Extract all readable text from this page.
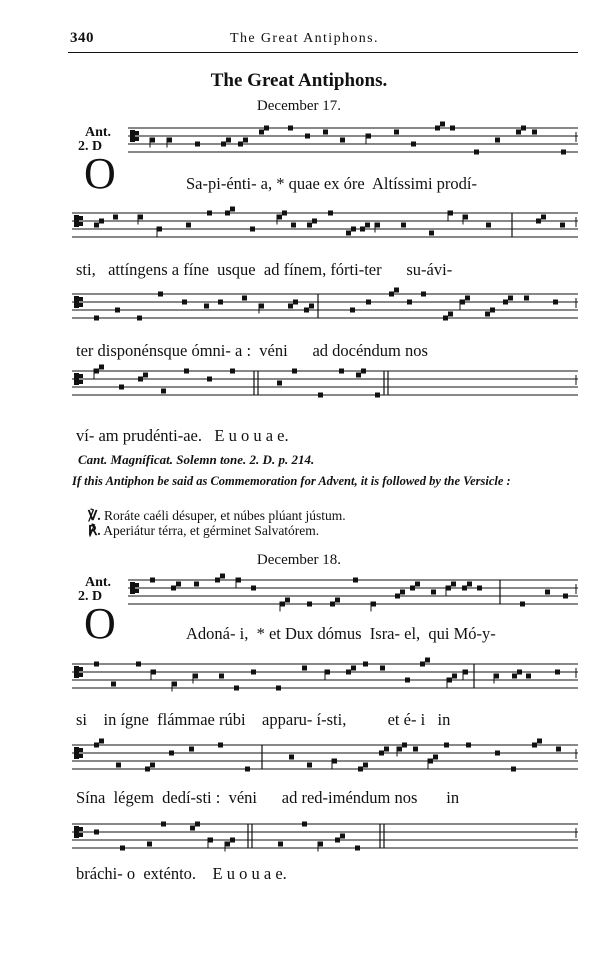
340	The Great Antiphons.
The Great Antiphons.
December 17.
Ant.
2. D
O	Sa-pi-énti- a, * quae ex óre  Altíssimi prodí-
sti,   attíngens a fíne  usque  ad fínem, fórti-ter      su-ávi-
ter disponénsque ómni- a :  véni      ad docéndum nos
ví- am prudénti-ae.   E u o u a e.
Cant. Magníficat. Solemn tone. 2. D. p. 214.
If this Antiphon be said as Commemoration for Advent, it is followed by the Versicle :
℣. Roráte caéli désuper, et núbes plúant jústum.
℟. Aperiátur térra, et gérminet Salvatórem.
December 18.
Ant.
2. D
O	Adoná- i,  * et Dux dómus  Isra- el,  qui Mó-y-
si    in ígne  flámmae rúbi    apparu- í-sti,          et é- i   in
Sína  légem  dedí-sti :  véni      ad red-iméndum nos       in
bráchi- o  exténto.    E u o u a e.
